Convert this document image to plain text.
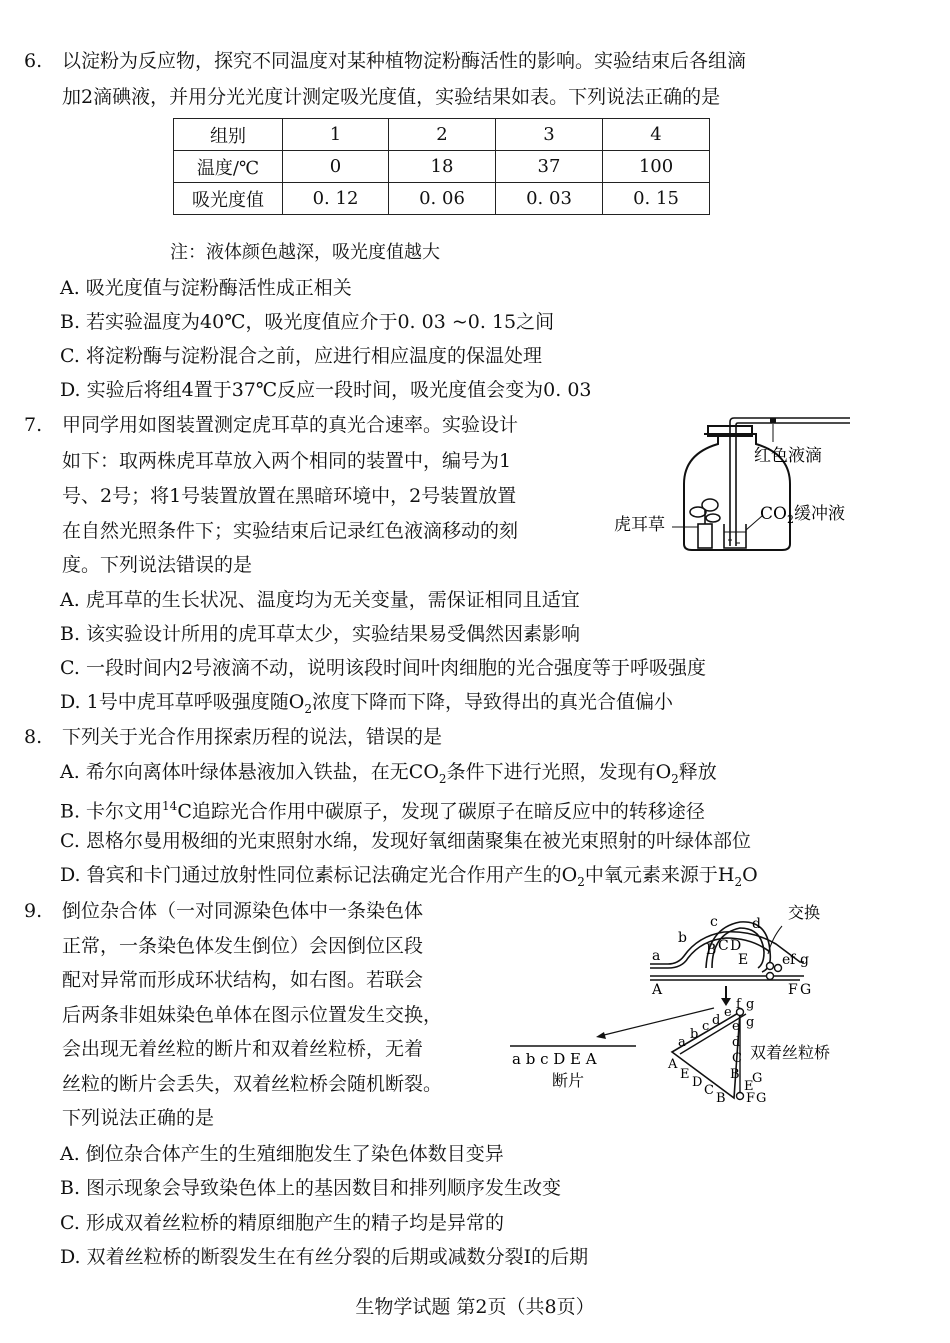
6. 以淀粉为反应物，探究不同温度对某种植物淀粉酶活性的影响。实验结束后各组滴
加2滴碘液，并用分光光度计测定吸光度值，实验结果如表。下列说法正确的是
组别	1	2	3	4
温度/℃	0	18	37	100
吸光度值	0. 12	0. 06	0. 03	0. 15
注：液体颜色越深，吸光度值越大
A. 吸光度值与淀粉酶活性成正相关
B. 若实验温度为40℃，吸光度值应介于0. 03 ~0. 15之间
C. 将淀粉酶与淀粉混合之前，应进行相应温度的保温处理
D. 实验后将组4置于37℃反应一段时间，吸光度值会变为0. 03
7. 甲同学用如图装置测定虎耳草的真光合速率。实验设计
如下：取两株虎耳草放入两个相同的装置中，编号为1
号、2号；将1号装置放置在黑暗环境中，2号装置放置
在自然光照条件下；实验结束后记录红色液滴移动的刻
度。下列说法错误的是
红色液滴
$CO_2$缓冲液
虎耳草
A. 虎耳草的生长状况、温度均为无关变量，需保证相同且适宜
B. 该实验设计所用的虎耳草太少，实验结果易受偶然因素影响
C. 一段时间内2号液滴不动，说明该段时间叶肉细胞的光合强度等于呼吸强度
D. 1号中虎耳草呼吸强度随$O_2$浓度下降而下降，导致得出的真光合值偏小
8. 下列关于光合作用探索历程的说法，错误的是
A. 希尔向离体叶绿体悬液加入铁盐，在无$CO_2$条件下进行光照，发现有$O_2$释放
B. 卡尔文用$^{14}$C追踪光合作用中碳原子，发现了碳原子在暗反应中的转移途径
C. 恩格尔曼用极细的光束照射水绵，发现好氧细菌聚集在被光束照射的叶绿体部位
D. 鲁宾和卡门通过放射性同位素标记法确定光合作用产生的$O_2$中氧元素来源于$H_2O$
9. 倒位杂合体（一对同源染色体中一条染色体
正常，一条染色体发生倒位）会因倒位区段
配对异常而形成环状结构，如右图。若联会
后两条非姐妹染色单体在图示位置发生交换，
会出现无着丝粒的断片和双着丝粒桥，无着
丝粒的断片会丢失，双着丝粒桥会随机断裂。
下列说法正确的是
a
b
c d
B C D
E e f g
A	F G
交换
a b c D E A
断片
a
b
c d
e
f g
e
d
C
B
g
A
E
D
C
B
E
G
F G
双着丝粒桥
A. 倒位杂合体产生的生殖细胞发生了染色体数目变异
B. 图示现象会导致染色体上的基因数目和排列顺序发生改变
C. 形成双着丝粒桥的精原细胞产生的精子均是异常的
D. 双着丝粒桥的断裂发生在有丝分裂的后期或减数分裂Ⅰ的后期
生物学试题 第2页（共8页）
